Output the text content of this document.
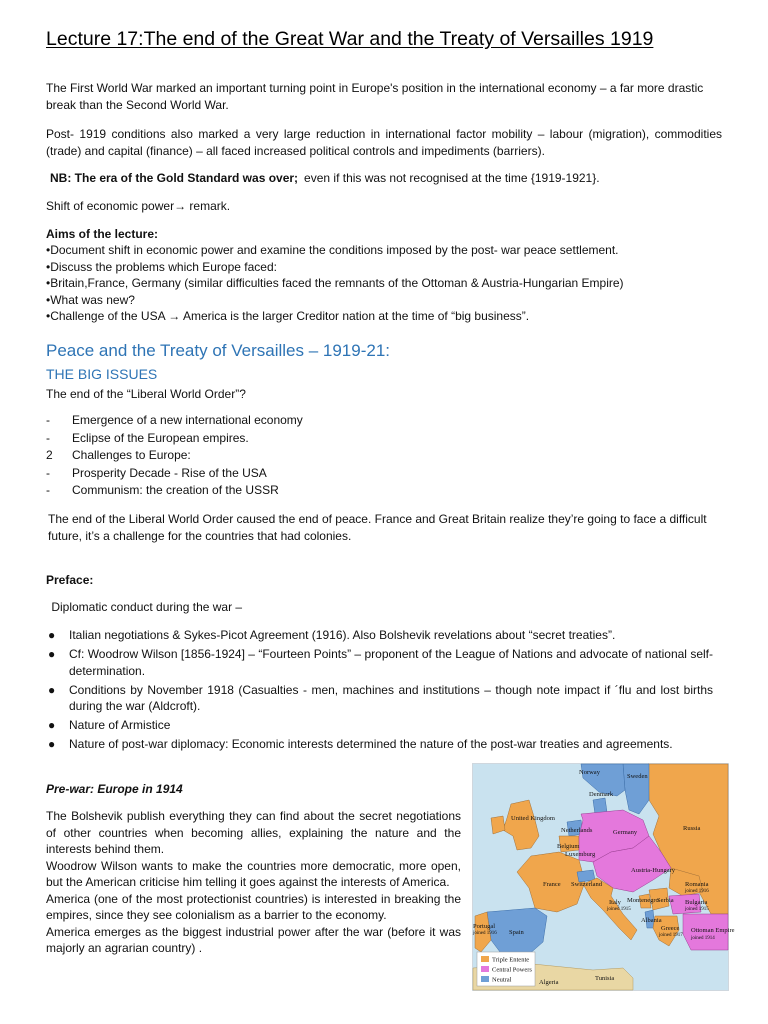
Lecture 17:The end of the Great War and the Treaty of Versailles 1919

The First World War marked an important turning point in Europe's position in the international economy – a far more drastic break than the Second World War.

Post- 1919 conditions also marked a very large reduction in international factor mobility – labour (migration), commodities (trade) and capital (finance) – all faced increased political controls and impediments (barriers).

NB: The era of the Gold Standard was over; even if this was not recognised at the time {1919-1921}.
Shift of economic power→ remark.
Aims of the lecture:
•Document shift in economic power and examine the conditions imposed by the post- war peace settlement.
•Discuss the problems which Europe faced:
•Britain,France, Germany (similar difficulties faced the remnants of the Ottoman & Austria-Hungarian Empire)
•What was new?
•Challenge of the USA → America is the larger Creditor nation at the time of “big business”.
Peace and the Treaty of Versailles – 1919-21:
THE BIG ISSUES
The end of the “Liberal World Order”?
- Emergence of a new international economy
- Eclipse of the European empires.
2 Challenges to Europe:
- Prosperity Decade - Rise of the USA
- Communism: the creation of the USSR

The end of the Liberal World Order caused the end of peace. France and Great Britain realize they’re going to face a difficult future, it’s a challenge for the countries that had colonies.

Preface:
Diplomatic conduct during the war –
● Italian negotiations & Sykes-Picot Agreement (1916). Also Bolshevik revelations about “secret treaties”.
● Cf: Woodrow Wilson [1856-1924] – “Fourteen Points” – proponent of the League of Nations and advocate of national self-determination.
● Conditions by November 1918 (Casualties - men, machines and institutions – though note impact if ´flu and lost births during the war (Aldcroft).
● Nature of Armistice
● Nature of post-war diplomacy: Economic interests determined the nature of the post-war treaties and agreements.
Pre-war: Europe in 1914
The Bolshevik publish everything they can find about the secret negotiations of other countries when becoming allies, explaining the nature and the interests behind them.
Woodrow Wilson wants to make the countries more democratic, more open, but the American criticise him telling it goes against the interests of America.
America (one of the most protectionist countries) is interested in breaking the empires, since they see colonialism as a barrier to the economy.
America emerges as the biggest industrial power after the war (before it was majorly an agrarian country) .
Norway
Sweden
Denmark
United Kingdom
Netherlands
Belgium
Luxemburg
Germany
Russia
Austria-Hungary
France Switzerland	Romania
joined 1916
Serbia
Montenegro	Bulgaria
joined 1915
Italy
joined 1915
Albania
Greece
joined 1917
Ottoman Empire
joined 1914
Spain
Portugal
joined 1916
Algeria
Tunisia
Triple Entente
Central Powers
Neutral
